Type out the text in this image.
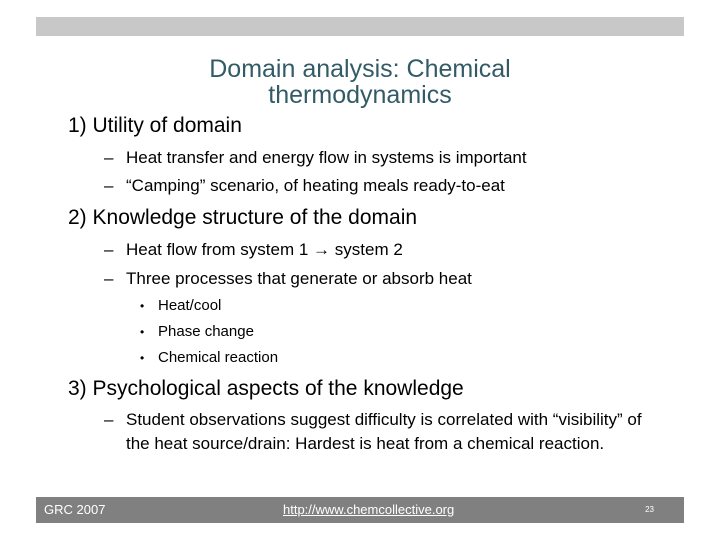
Domain analysis: Chemical
thermodynamics
1) Utility of domain
– Heat transfer and energy flow in systems is important
– “Camping” scenario, of heating meals ready-to-eat
2) Knowledge structure of the domain
– Heat flow from system 1 → system 2
– Three processes that generate or absorb heat
• Heat/cool
• Phase change
• Chemical reaction
3) Psychological aspects of the knowledge
– Student observations suggest difficulty is correlated with “visibility” of the heat source/drain: Hardest is heat from a chemical reaction.
GRC 2007	http://www.chemcollective.org	23
